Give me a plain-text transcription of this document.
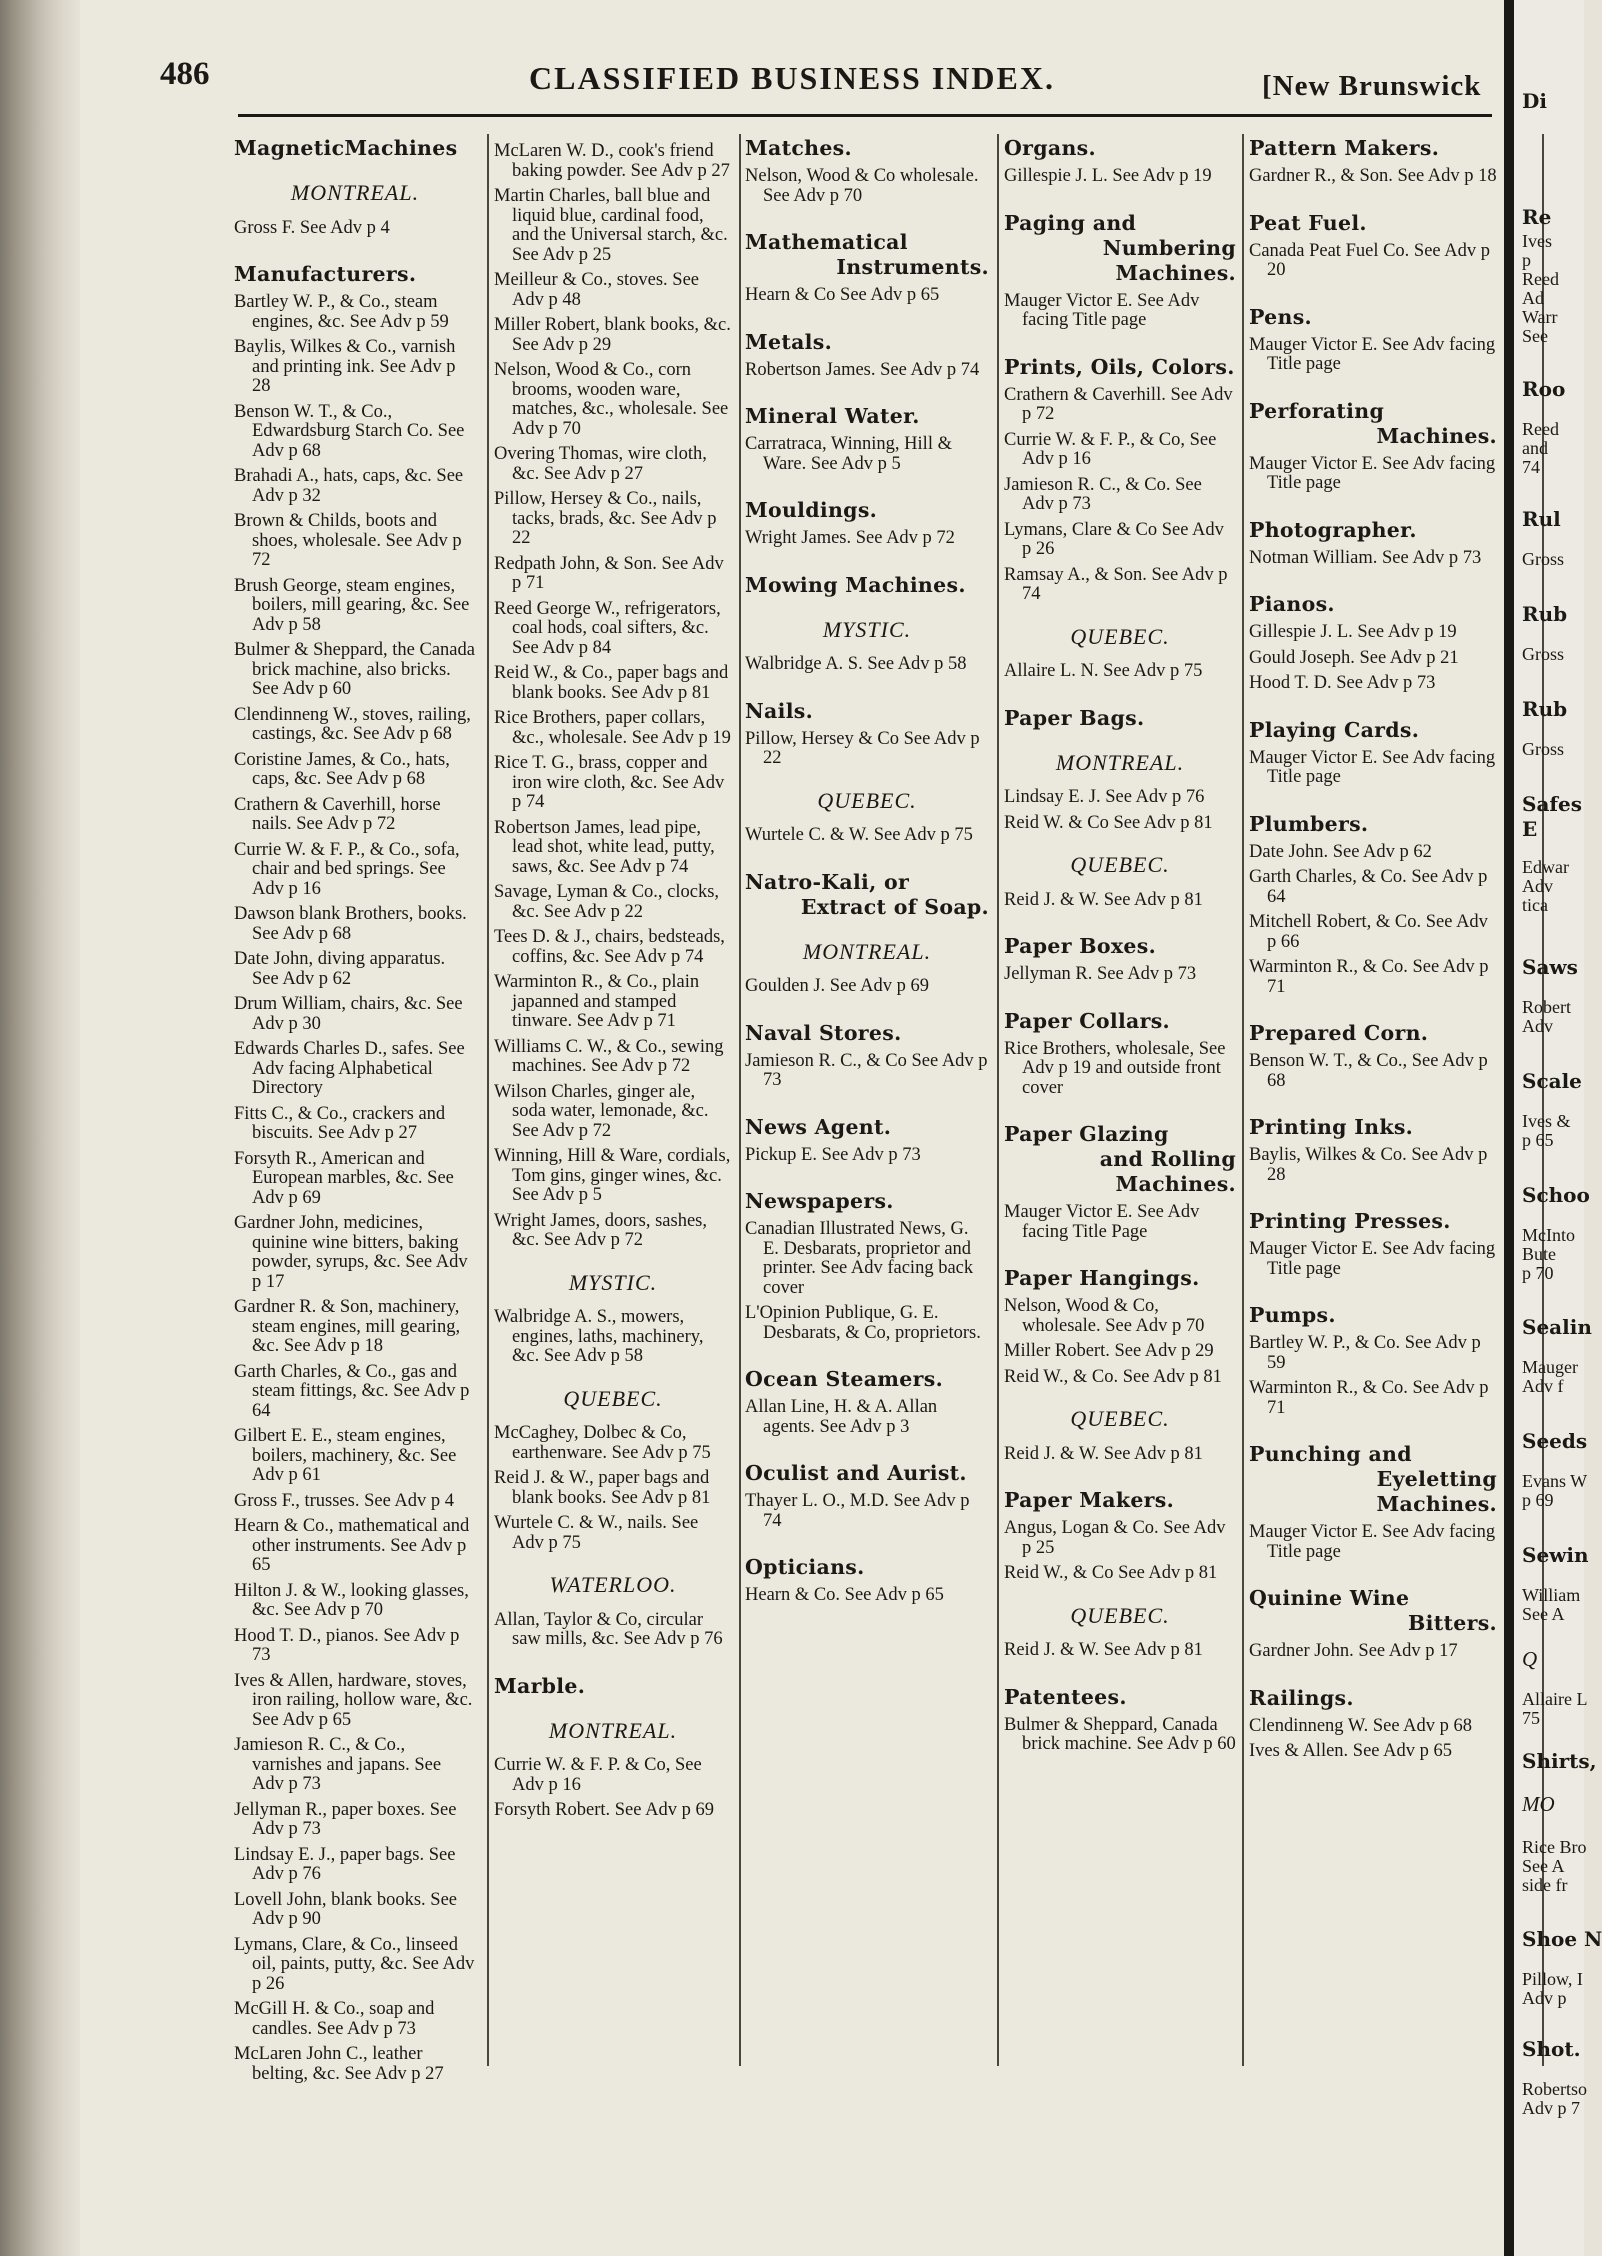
486	CLASSIFIED BUSINESS INDEX.	[New Brunswick
MagneticMachines
MONTREAL.
Gross F. See Adv p 4
Manufacturers.
Bartley W. P., & Co., steam engines, &c. See Adv p 59
Baylis, Wilkes & Co., varnish and printing ink. See Adv p 28
Benson W. T., & Co., Edwardsburg Starch Co. See Adv p 68
Brahadi A., hats, caps, &c. See Adv p 32
Brown & Childs, boots and shoes, wholesale. See Adv p 72
Brush George, steam engines, boilers, mill gearing, &c. See Adv p 58
Bulmer & Sheppard, the Canada brick machine, also bricks. See Adv p 60
Clendinneng W., stoves, railing, castings, &c. See Adv p 68
Coristine James, & Co., hats, caps, &c. See Adv p 68
Crathern & Caverhill, horse nails. See Adv p 72
Currie W. & F. P., & Co., sofa, chair and bed springs. See Adv p 16
Dawson blank Brothers, books. See Adv p 68
Date John, diving apparatus. See Adv p 62
Drum William, chairs, &c. See Adv p 30
Edwards Charles D., safes. See Adv facing Alphabetical Directory
Fitts C., & Co., crackers and biscuits. See Adv p 27
Forsyth R., American and European marbles, &c. See Adv p 69
Gardner John, medicines, quinine wine bitters, baking powder, syrups, &c. See Adv p 17
Gardner R. & Son, machinery, steam engines, mill gearing, &c. See Adv p 18
Garth Charles, & Co., gas and steam fittings, &c. See Adv p 64
Gilbert E. E., steam engines, boilers, machinery, &c. See Adv p 61
Gross F., trusses. See Adv p 4
Hearn & Co., mathematical and other instruments. See Adv p 65
Hilton J. & W., looking glasses, &c. See Adv p 70
Hood T. D., pianos. See Adv p 73
Ives & Allen, hardware, stoves, iron railing, hollow ware, &c. See Adv p 65
Jamieson R. C., & Co., varnishes and japans. See Adv p 73
Jellyman R., paper boxes. See Adv p 73
Lindsay E. J., paper bags. See Adv p 76
Lovell John, blank books. See Adv p 90
Lymans, Clare, & Co., linseed oil, paints, putty, &c. See Adv p 26
McGill H. & Co., soap and candles. See Adv p 73
McLaren John C., leather belting, &c. See Adv p 27
McLaren W. D., cook's friend baking powder. See Adv p 27
Martin Charles, ball blue and liquid blue, cardinal food, and the Universal starch, &c. See Adv p 25
Meilleur & Co., stoves. See Adv p 48
Miller Robert, blank books, &c. See Adv p 29
Nelson, Wood & Co., corn brooms, wooden ware, matches, &c., wholesale. See Adv p 70
Overing Thomas, wire cloth, &c. See Adv p 27
Pillow, Hersey & Co., nails, tacks, brads, &c. See Adv p 22
Redpath John, & Son. See Adv p 71
Reed George W., refrigerators, coal hods, coal sifters, &c. See Adv p 84
Reid W., & Co., paper bags and blank books. See Adv p 81
Rice Brothers, paper collars, &c., wholesale. See Adv p 19
Rice T. G., brass, copper and iron wire cloth, &c. See Adv p 74
Robertson James, lead pipe, lead shot, white lead, putty, saws, &c. See Adv p 74
Savage, Lyman & Co., clocks, &c. See Adv p 22
Tees D. & J., chairs, bedsteads, coffins, &c. See Adv p 74
Warminton R., & Co., plain japanned and stamped tinware. See Adv p 71
Williams C. W., & Co., sewing machines. See Adv p 72
Wilson Charles, ginger ale, soda water, lemonade, &c. See Adv p 72
Winning, Hill & Ware, cordials, Tom gins, ginger wines, &c. See Adv p 5
Wright James, doors, sashes, &c. See Adv p 72
MYSTIC.
Walbridge A. S., mowers, engines, laths, machinery, &c. See Adv p 58
QUEBEC.
McCaghey, Dolbec & Co, earthenware. See Adv p 75
Reid J. & W., paper bags and blank books. See Adv p 81
Wurtele C. & W., nails. See Adv p 75
WATERLOO.
Allan, Taylor & Co, circular saw mills, &c. See Adv p 76
Marble.
MONTREAL.
Currie W. & F. P. & Co, See Adv p 16
Forsyth Robert. See Adv p 69
Matches.
Nelson, Wood & Co wholesale. See Adv p 70
Mathematical
Instruments.
Hearn & Co See Adv p 65
Metals.
Robertson James. See Adv p 74
Mineral Water.
Carratraca, Winning, Hill & Ware. See Adv p 5
Mouldings.
Wright James. See Adv p 72
Mowing Machines.
MYSTIC.
Walbridge A. S. See Adv p 58
Nails.
Pillow, Hersey & Co See Adv p 22
QUEBEC.
Wurtele C. & W. See Adv p 75
Natro-Kali, or
Extract of Soap.
MONTREAL.
Goulden J. See Adv p 69
Naval Stores.
Jamieson R. C., & Co See Adv p 73
News Agent.
Pickup E. See Adv p 73
Newspapers.
Canadian Illustrated News, G. E. Desbarats, proprietor and printer. See Adv facing back cover
L'Opinion Publique, G. E. Desbarats, & Co, proprietors.
Ocean Steamers.
Allan Line, H. & A. Allan agents. See Adv p 3
Oculist and Aurist.
Thayer L. O., M.D. See Adv p 74
Opticians.
Hearn & Co. See Adv p 65
Organs.
Gillespie J. L. See Adv p 19
Paging and
Numbering
Machines.
Mauger Victor E. See Adv facing Title page
Prints, Oils, Colors.
Crathern & Caverhill. See Adv p 72
Currie W. & F. P., & Co, See Adv p 16
Jamieson R. C., & Co. See Adv p 73
Lymans, Clare & Co See Adv p 26
Ramsay A., & Son. See Adv p 74
QUEBEC.
Allaire L. N. See Adv p 75
Paper Bags.
MONTREAL.
Lindsay E. J. See Adv p 76
Reid W. & Co See Adv p 81
QUEBEC.
Reid J. & W. See Adv p 81
Paper Boxes.
Jellyman R. See Adv p 73
Paper Collars.
Rice Brothers, wholesale, See Adv p 19 and outside front cover
Paper Glazing
and Rolling
Machines.
Mauger Victor E. See Adv facing Title Page
Paper Hangings.
Nelson, Wood & Co, wholesale. See Adv p 70
Miller Robert. See Adv p 29
Reid W., & Co. See Adv p 81
QUEBEC.
Reid J. & W. See Adv p 81
Paper Makers.
Angus, Logan & Co. See Adv p 25
Reid W., & Co See Adv p 81
QUEBEC.
Reid J. & W. See Adv p 81
Patentees.
Bulmer & Sheppard, Canada brick machine. See Adv p 60
Pattern Makers.
Gardner R., & Son. See Adv p 18
Peat Fuel.
Canada Peat Fuel Co. See Adv p 20
Pens.
Mauger Victor E. See Adv facing Title page
Perforating
Machines.
Mauger Victor E. See Adv facing Title page
Photographer.
Notman William. See Adv p 73
Pianos.
Gillespie J. L. See Adv p 19
Gould Joseph. See Adv p 21
Hood T. D. See Adv p 73
Playing Cards.
Mauger Victor E. See Adv facing Title page
Plumbers.
Date John. See Adv p 62
Garth Charles, & Co. See Adv p 64
Mitchell Robert, & Co. See Adv p 66
Warminton R., & Co. See Adv p 71
Prepared Corn.
Benson W. T., & Co., See Adv p 68
Printing Inks.
Baylis, Wilkes & Co. See Adv p 28
Printing Presses.
Mauger Victor E. See Adv facing Title page
Pumps.
Bartley W. P., & Co. See Adv p 59
Warminton R., & Co. See Adv p 71
Punching and
Eyeletting
Machines.
Mauger Victor E. See Adv facing Title page
Quinine Wine
Bitters.
Gardner John. See Adv p 17
Railings.
Clendinneng W. See Adv p 68
Ives & Allen. See Adv p 65
Di
Re
Ives
p
Reed
Ad
Warr
See
Roo
Reed
and
74
Rul
Gross
Rub
Gross
Rub
Gross
Safes
E
Edwar
Adv
tica
Saws
Robert
Adv
Scale
Ives &
p 65
Schoo
McInto
Bute
p 70
Sealin
Mauger
Adv f
Seeds
Evans W
p 69
Sewin
William
See A
Q
Allaire L
75
Shirts,
MO
Rice Bro
See A
side fr
Shoe N
Pillow, I
Adv p
Shot.
Robertso
Adv p 7
